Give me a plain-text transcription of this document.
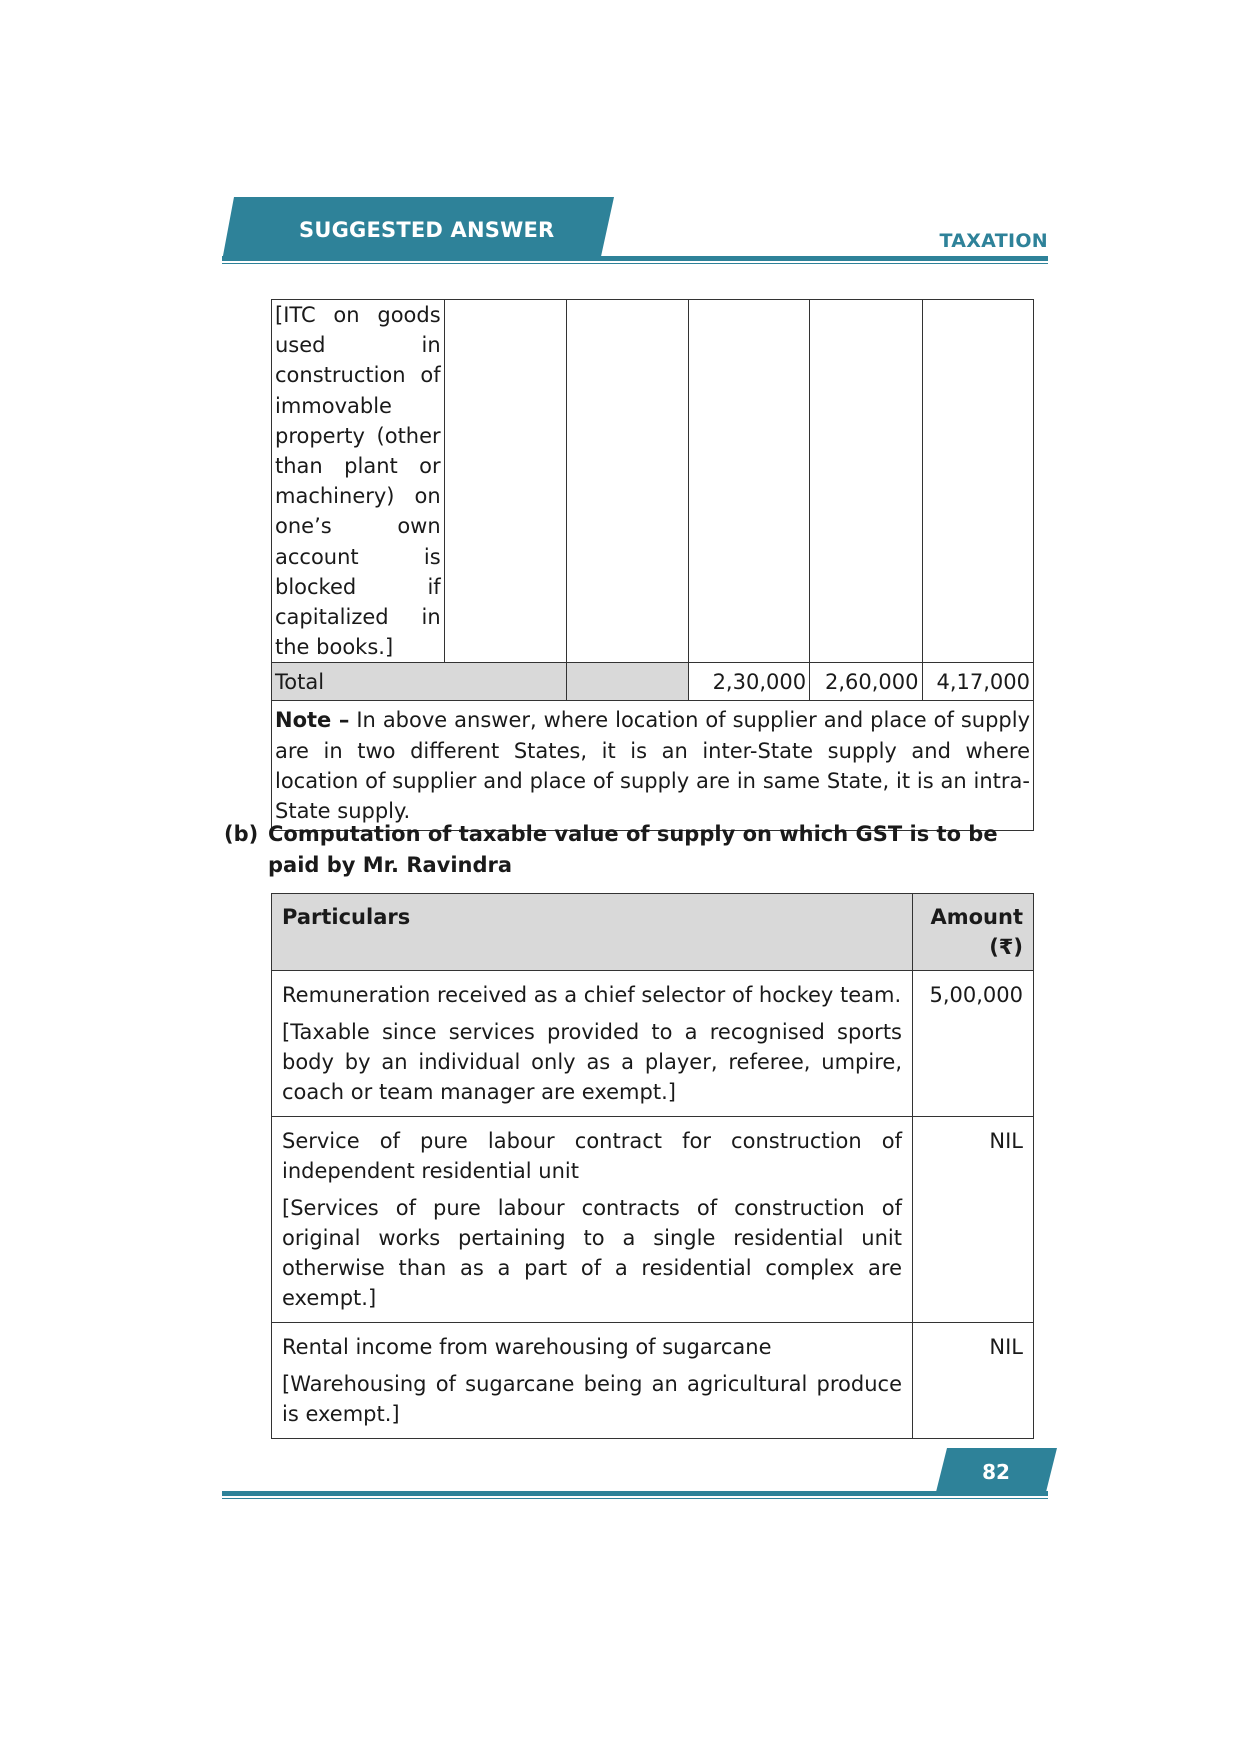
SUGGESTED ANSWER	TAXATION
[ITC on goods used in construction of immovable property (other than plant or machinery) on one’s own account is blocked if capitalized in the books.]					
Total			2,30,000	2,60,000	4,17,000
Note – In above answer, where location of supplier and place of supply are in two different States, it is an inter-State supply and where location of supplier and place of supply are in same State, it is an intra-State supply.					
(b) Computation of taxable value of supply on which GST is to be paid by Mr. Ravindra
Particulars	Amount (₹)

Remuneration received as a chief selector of hockey team.

[Taxable since services provided to a recognised sports body by an individual only as a player, referee, umpire, coach or team manager are exempt.]	5,00,000

Service of pure labour contract for construction of independent residential unit

[Services of pure labour contracts of construction of original works pertaining to a single residential unit otherwise than as a part of a residential complex are exempt.]	NIL

Rental income from warehousing of sugarcane

[Warehousing of sugarcane being an agricultural produce is exempt.]	NIL
82
